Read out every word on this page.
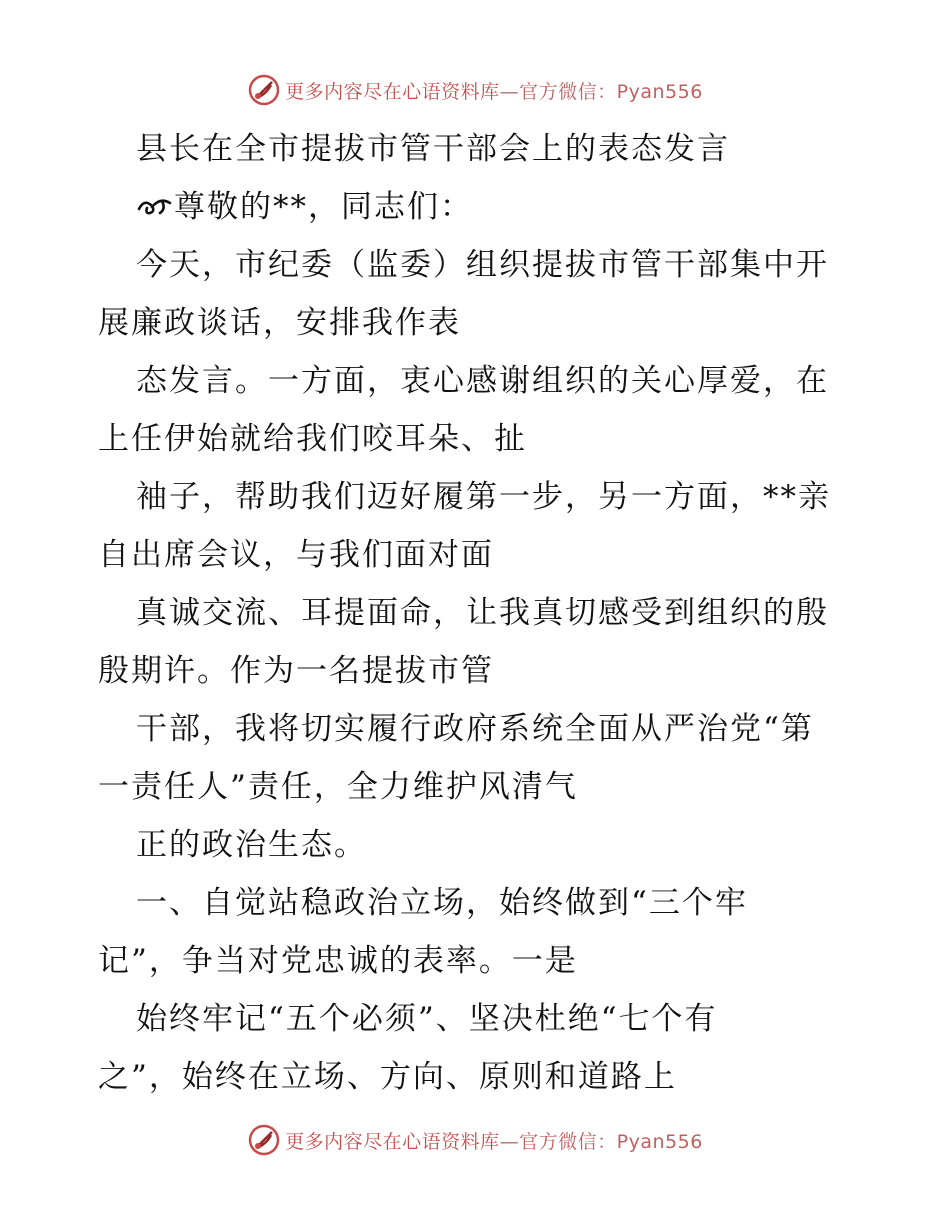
更多内容尽在心语资料库—官方微信：Pyan556
县长在全市提拔市管干部会上的表态发言
尊敬的**，同志们：
今天，市纪委（监委）组织提拔市管干部集中开
展廉政谈话，安排我作表
态发言。一方面，衷心感谢组织的关心厚爱，在
上任伊始就给我们咬耳朵、扯
袖子，帮助我们迈好履第一步，另一方面，**亲
自出席会议，与我们面对面
真诚交流、耳提面命，让我真切感受到组织的殷
殷期许。作为一名提拔市管
干部，我将切实履行政府系统全面从严治党“第
一责任人”责任，全力维护风清气
正的政治生态。
一、自觉站稳政治立场，始终做到“三个牢
记”，争当对党忠诚的表率。一是
始终牢记“五个必须”、坚决杜绝“七个有
之”，始终在立场、方向、原则和道路上
更多内容尽在心语资料库—官方微信：Pyan556
